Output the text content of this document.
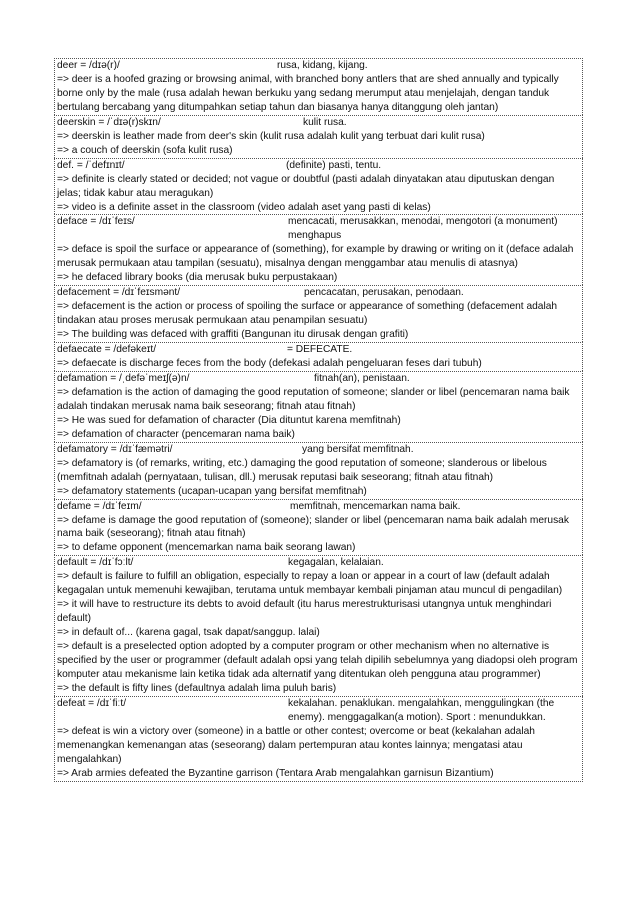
deer = /dɪə(r)/	rusa, kidang, kijang.
=> deer is a hoofed grazing or browsing animal, with branched bony antlers that are shed annually and typically borne only by the male (rusa adalah hewan berkuku yang sedang merumput atau menjelajah, dengan tanduk bertulang bercabang yang ditumpahkan setiap tahun dan biasanya hanya ditanggung oleh jantan)
deerskin = /ˈdɪə(r)skɪn/	kulit rusa.
=> deerskin is leather made from deer's skin (kulit rusa adalah kulit yang terbuat dari kulit rusa)
=> a couch of deerskin (sofa kulit rusa)
def. = /ˈdefɪnɪt/	(definite) pasti, tentu.
=> definite is clearly stated or decided; not vague or doubtful (pasti adalah dinyatakan atau diputuskan dengan jelas; tidak kabur atau meragukan)
=> video is a definite asset in the classroom (video adalah aset yang pasti di kelas)
deface = /dɪˈfeɪs/	mencacati, merusakkan, menodai, mengotori (a monument) menghapus
=> deface is spoil the surface or appearance of (something), for example by drawing or writing on it (deface adalah merusak permukaan atau tampilan (sesuatu), misalnya dengan menggambar atau menulis di atasnya)
=> he defaced library books (dia merusak buku perpustakaan)
defacement = /dɪˈfeɪsmənt/	pencacatan, perusakan, penodaan.
=> defacement is the action or process of spoiling the surface or appearance of something (defacement adalah tindakan atau proses merusak permukaan atau penampilan sesuatu)
=> The building was defaced with graffiti (Bangunan itu dirusak dengan grafiti)
defaecate = /defəkeɪt/	= DEFECATE.
=> defaecate is discharge feces from the body (defekasi adalah pengeluaran feses dari tubuh)
defamation = /ˌdefəˈmeɪʃ(ə)n/	fitnah(an), penistaan.
=> defamation is the action of damaging the good reputation of someone; slander or libel (pencemaran nama baik adalah tindakan merusak nama baik seseorang; fitnah atau fitnah)
=> He was sued for defamation of character (Dia dituntut karena memfitnah)
=> defamation of character (pencemaran nama baik)
defamatory = /dɪˈfæmətri/	yang bersifat memfitnah.
=> defamatory is (of remarks, writing, etc.) damaging the good reputation of someone; slanderous or libelous (memfitnah adalah (pernyataan, tulisan, dll.) merusak reputasi baik seseorang; fitnah atau fitnah)
=> defamatory statements (ucapan-ucapan yang bersifat memfitnah)
defame = /dɪˈfeɪm/	memfitnah, mencemarkan nama baik.
=> defame is damage the good reputation of (someone); slander or libel (pencemaran nama baik adalah merusak nama baik (seseorang); fitnah atau fitnah)
=> to defame opponent (mencemarkan nama baik seorang lawan)
default = /dɪˈfɔːlt/	kegagalan, kelalaian.
=> default is failure to fulfill an obligation, especially to repay a loan or appear in a court of law (default adalah kegagalan untuk memenuhi kewajiban, terutama untuk membayar kembali pinjaman atau muncul di pengadilan)
=> it will have to restructure its debts to avoid default (itu harus merestrukturisasi utangnya untuk menghindari default)
=> in default of... (karena gagal, tsak dapat/sanggup. lalai)
=> default is a preselected option adopted by a computer program or other mechanism when no alternative is specified by the user or programmer (default adalah opsi yang telah dipilih sebelumnya yang diadopsi oleh program komputer atau mekanisme lain ketika tidak ada alternatif yang ditentukan oleh pengguna atau programmer)
=> the default is fifty lines (defaultnya adalah lima puluh baris)
defeat = /dɪˈfiːt/	kekalahan. penaklukan. mengalahkan, menggulingkan (the enemy). menggagalkan(a motion). Sport : menundukkan.
=> defeat is win a victory over (someone) in a battle or other contest; overcome or beat (kekalahan adalah memenangkan kemenangan atas (seseorang) dalam pertempuran atau kontes lainnya; mengatasi atau mengalahkan)
=> Arab armies defeated the Byzantine garrison (Tentara Arab mengalahkan garnisun Bizantium)
